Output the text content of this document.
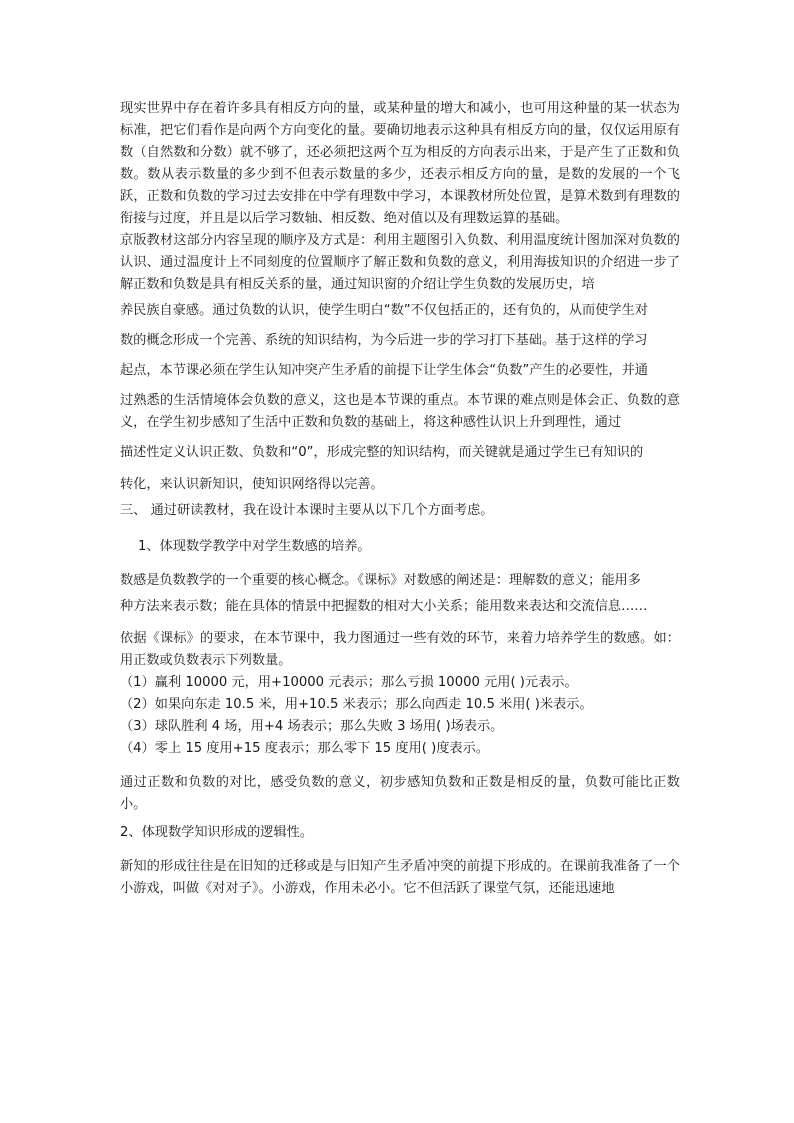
现实世界中存在着许多具有相反方向的量，或某种量的增大和减小，也可用这种量的某一状态为标准，把它们看作是向两个方向变化的量。要确切地表示这种具有相反方向的量，仅仅运用原有数（自然数和分数）就不够了，还必须把这两个互为相反的方向表示出来，于是产生了正数和负数。数从表示数量的多少到不但表示数量的多少，还表示相反方向的量，是数的发展的一个飞跃，正数和负数的学习过去安排在中学有理数中学习，本课教材所处位置，是算术数到有理数的衔接与过度，并且是以后学习数轴、相反数、绝对值以及有理数运算的基础。

京版教材这部分内容呈现的顺序及方式是：利用主题图引入负数、利用温度统计图加深对负数的认识、通过温度计上不同刻度的位置顺序了解正数和负数的意义，利用海拔知识的介绍进一步了解正数和负数是具有相反关系的量，通过知识窗的介绍让学生负数的发展历史，培

养民族自豪感。通过负数的认识，使学生明白“数”不仅包括正的，还有负的，从而使学生对

数的概念形成一个完善、系统的知识结构，为今后进一步的学习打下基础。基于这样的学习

起点，本节课必须在学生认知冲突产生矛盾的前提下让学生体会“负数”产生的必要性，并通

过熟悉的生活情境体会负数的意义，这也是本节课的重点。本节课的难点则是体会正、负数的意义，在学生初步感知了生活中正数和负数的基础上，将这种感性认识上升到理性，通过

描述性定义认识正数、负数和“0”，形成完整的知识结构，而关键就是通过学生已有知识的

转化，来认识新知识，使知识网络得以完善。

三、 通过研读教材，我在设计本课时主要从以下几个方面考虑。

1、体现数学教学中对学生数感的培养。

数感是负数教学的一个重要的核心概念。《课标》对数感的阐述是：理解数的意义；能用多

种方法来表示数；能在具体的情景中把握数的相对大小关系；能用数来表达和交流信息……

依据《课标》的要求，在本节课中，我力图通过一些有效的环节，来着力培养学生的数感。如：用正数或负数表示下列数量。

（1）赢利 10000 元，用+10000 元表示；那么亏损 10000 元用( )元表示。

（2）如果向东走 10.5 米，用+10.5 米表示；那么向西走 10.5 米用( )米表示。

（3）球队胜利 4 场，用+4 场表示；那么失败 3 场用( )场表示。

（4）零上 15 度用+15 度表示；那么零下 15 度用( )度表示。

通过正数和负数的对比，感受负数的意义，初步感知负数和正数是相反的量，负数可能比正数小。

2、体现数学知识形成的逻辑性。

新知的形成往往是在旧知的迁移或是与旧知产生矛盾冲突的前提下形成的。在课前我准备了一个小游戏，叫做《对对子》。小游戏，作用未必小。它不但活跃了课堂气氛，还能迅速地
